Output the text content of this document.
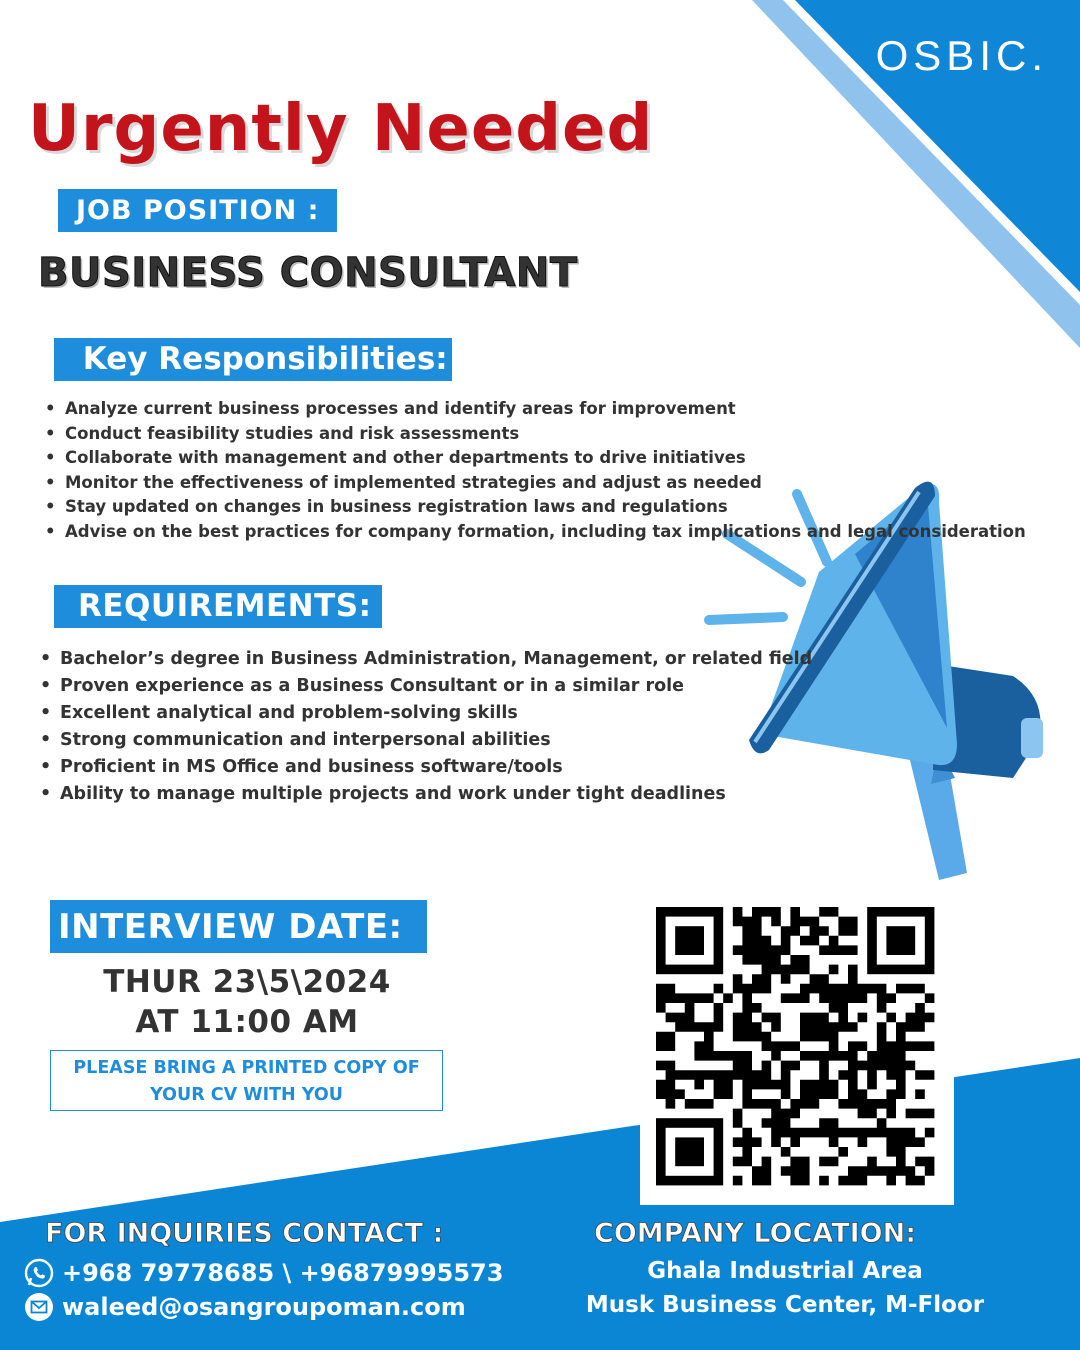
OSBIC.
Urgently Needed
JOB POSITION :
BUSINESS CONSULTANT
Key Responsibilities:
• Analyze current business processes and identify areas for improvement
• Conduct feasibility studies and risk assessments
• Collaborate with management and other departments to drive initiatives
• Monitor the effectiveness of implemented strategies and adjust as needed
• Stay updated on changes in business registration laws and regulations
• Advise on the best practices for company formation, including tax implications and legal consideration
REQUIREMENTS:
• Bachelor’s degree in Business Administration, Management, or related field
• Proven experience as a Business Consultant or in a similar role
• Excellent analytical and problem-solving skills
• Strong communication and interpersonal abilities
• Proficient in MS Office and business software/tools
• Ability to manage multiple projects and work under tight deadlines
INTERVIEW DATE:
THUR 23\5\2024
AT 11:00 AM
PLEASE BRING A PRINTED COPY OF YOUR CV WITH YOU
FOR INQUIRIES CONTACT :
+968 79778685 \ +96879995573
waleed@osangroupoman.com
COMPANY LOCATION:
Ghala Industrial Area
Musk Business Center, M-Floor
